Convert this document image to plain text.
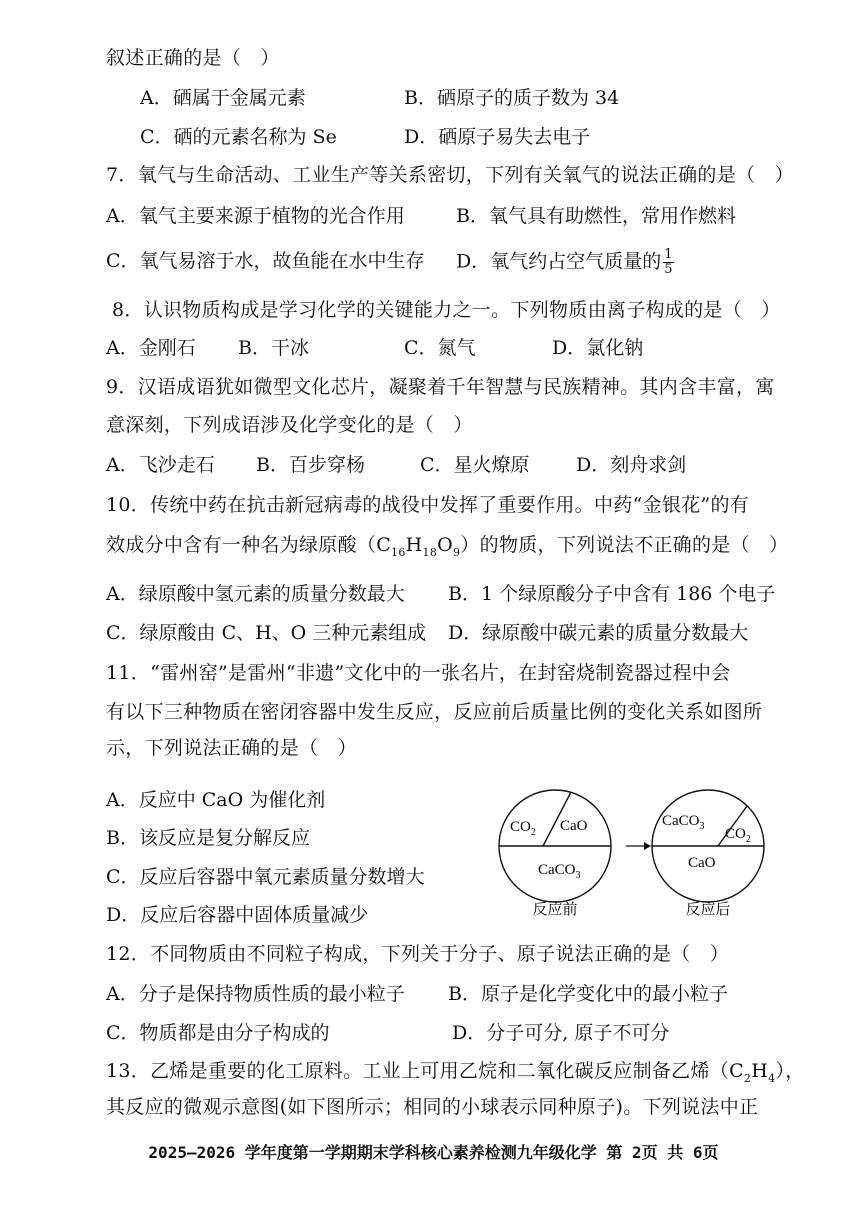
叙述正确的是（　）
A．硒属于金属元素	B．硒原子的质子数为 34
C．硒的元素名称为 Se	D．硒原子易失去电子
7．氧气与生命活动、工业生产等关系密切，下列有关氧气的说法正确的是（　）
A．氧气主要来源于植物的光合作用	B．氧气具有助燃性，常用作燃料
C．氧气易溶于水，故鱼能在水中生存 D．氧气约占空气质量的 $\frac{1}{5}$
8．认识物质构成是学习化学的关键能力之一。下列物质由离子构成的是（　）
A．金刚石 B．干冰	C．氮气	D．氯化钠
9．汉语成语犹如微型文化芯片，凝聚着千年智慧与民族精神。其内含丰富，寓
意深刻，下列成语涉及化学变化的是（　）
A．飞沙走石 B．百步穿杨	C．星火燎原 D．刻舟求剑
10．传统中药在抗击新冠病毒的战役中发挥了重要作用。中药“金银花”的有
效成分中含有一种名为绿原酸$(C_{16}H_{18}O_9)$的物质，下列说法不正确的是（　）
A．绿原酸中氢元素的质量分数最大 B．1 个绿原酸分子中含有 186 个电子
C．绿原酸由 C、H、O 三种元素组成 D．绿原酸中碳元素的质量分数最大
11．“雷州窑”是雷州“非遗”文化中的一张名片，在封窑烧制瓷器过程中会
有以下三种物质在密闭容器中发生反应，反应前后质量比例的变化关系如图所
示，下列说法正确的是（　）
A．反应中 CaO 为催化剂
B．该反应是复分解反应
C．反应后容器中氧元素质量分数增大
D．反应后容器中固体质量减少
$CO_2$ CaO
CaCO$_3$
反应前
CaCO$_3$ $CO_2$
CaO
反应后
12．不同物质由不同粒子构成，下列关于分子、原子说法正确的是（　）
A．分子是保持物质性质的最小粒子 B．原子是化学变化中的最小粒子
C．物质都是由分子构成的	D．分子可分, 原子不可分
13．乙烯是重要的化工原料。工业上可用乙烷和二氧化碳反应制备乙烯$(C_2H_4)$，
其反应的微观示意图(如下图所示；相同的小球表示同种原子)。下列说法中正
2025—2026 学年度第一学期期末学科核心素养检测九年级化学 第 2页 共 6页
